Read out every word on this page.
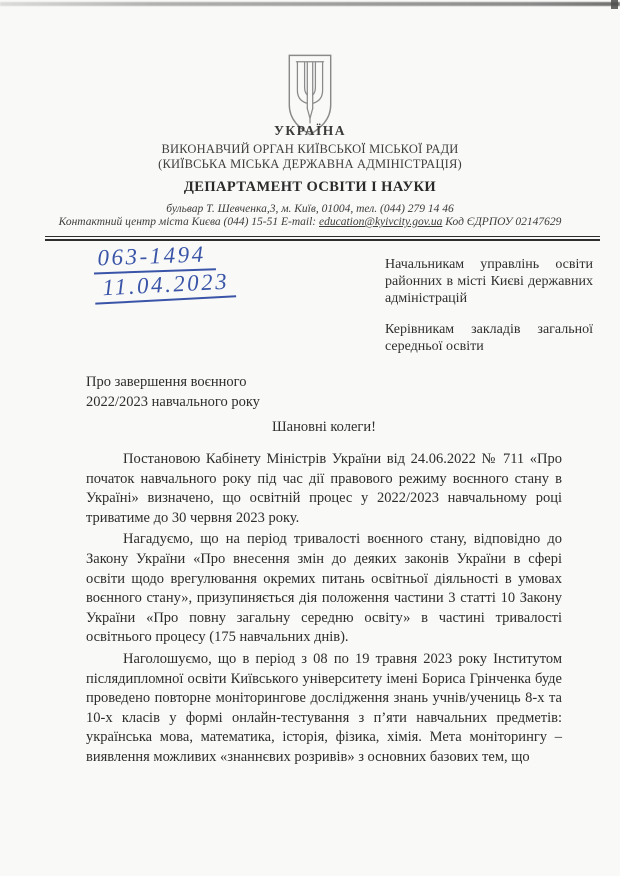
УКРАЇНА
ВИКОНАВЧИЙ ОРГАН КИЇВСЬКОЇ МІСЬКОЇ РАДИ
(КИЇВСЬКА МІСЬКА ДЕРЖАВНА АДМІНІСТРАЦІЯ)
ДЕПАРТАМЕНТ ОСВІТИ І НАУКИ
бульвар Т. Шевченка,3, м. Київ, 01004, тел. (044) 279 14 46
Контактний центр міста Києва (044) 15-51 E-mail: education@kyivcity.gov.ua Код ЄДРПОУ 02147629
063-1494
11.04.2023
Начальникам управлінь освіти районних в місті Києві державних адміністрацій
Керівникам закладів загальної середньої освіти
Про завершення воєнного
2022/2023 навчального року
Шановні колеги!

Постановою Кабінету Міністрів України від 24.06.2022 № 711 «Про початок навчального року під час дії правового режиму воєнного стану в Україні» визначено, що освітній процес у 2022/2023 навчальному році триватиме до 30 червня 2023 року.

Нагадуємо, що на період тривалості воєнного стану, відповідно до Закону України «Про внесення змін до деяких законів України в сфері освіти щодо врегулювання окремих питань освітньої діяльності в умовах воєнного стану», призупиняється дія положення частини 3 статті 10 Закону України «Про повну загальну середню освіту» в частині тривалості освітнього процесу (175 навчальних днів).

Наголошуємо, що в період з 08 по 19 травня 2023 року Інститутом післядипломної освіти Київського університету імені Бориса Грінченка буде проведено повторне моніторингове дослідження знань учнів/учениць 8-х та 10-х класів у формі онлайн-тестування з п’яти навчальних предметів: українська мова, математика, історія, фізика, хімія. Мета моніторингу – виявлення можливих «знаннєвих розривів» з основних базових тем, що
